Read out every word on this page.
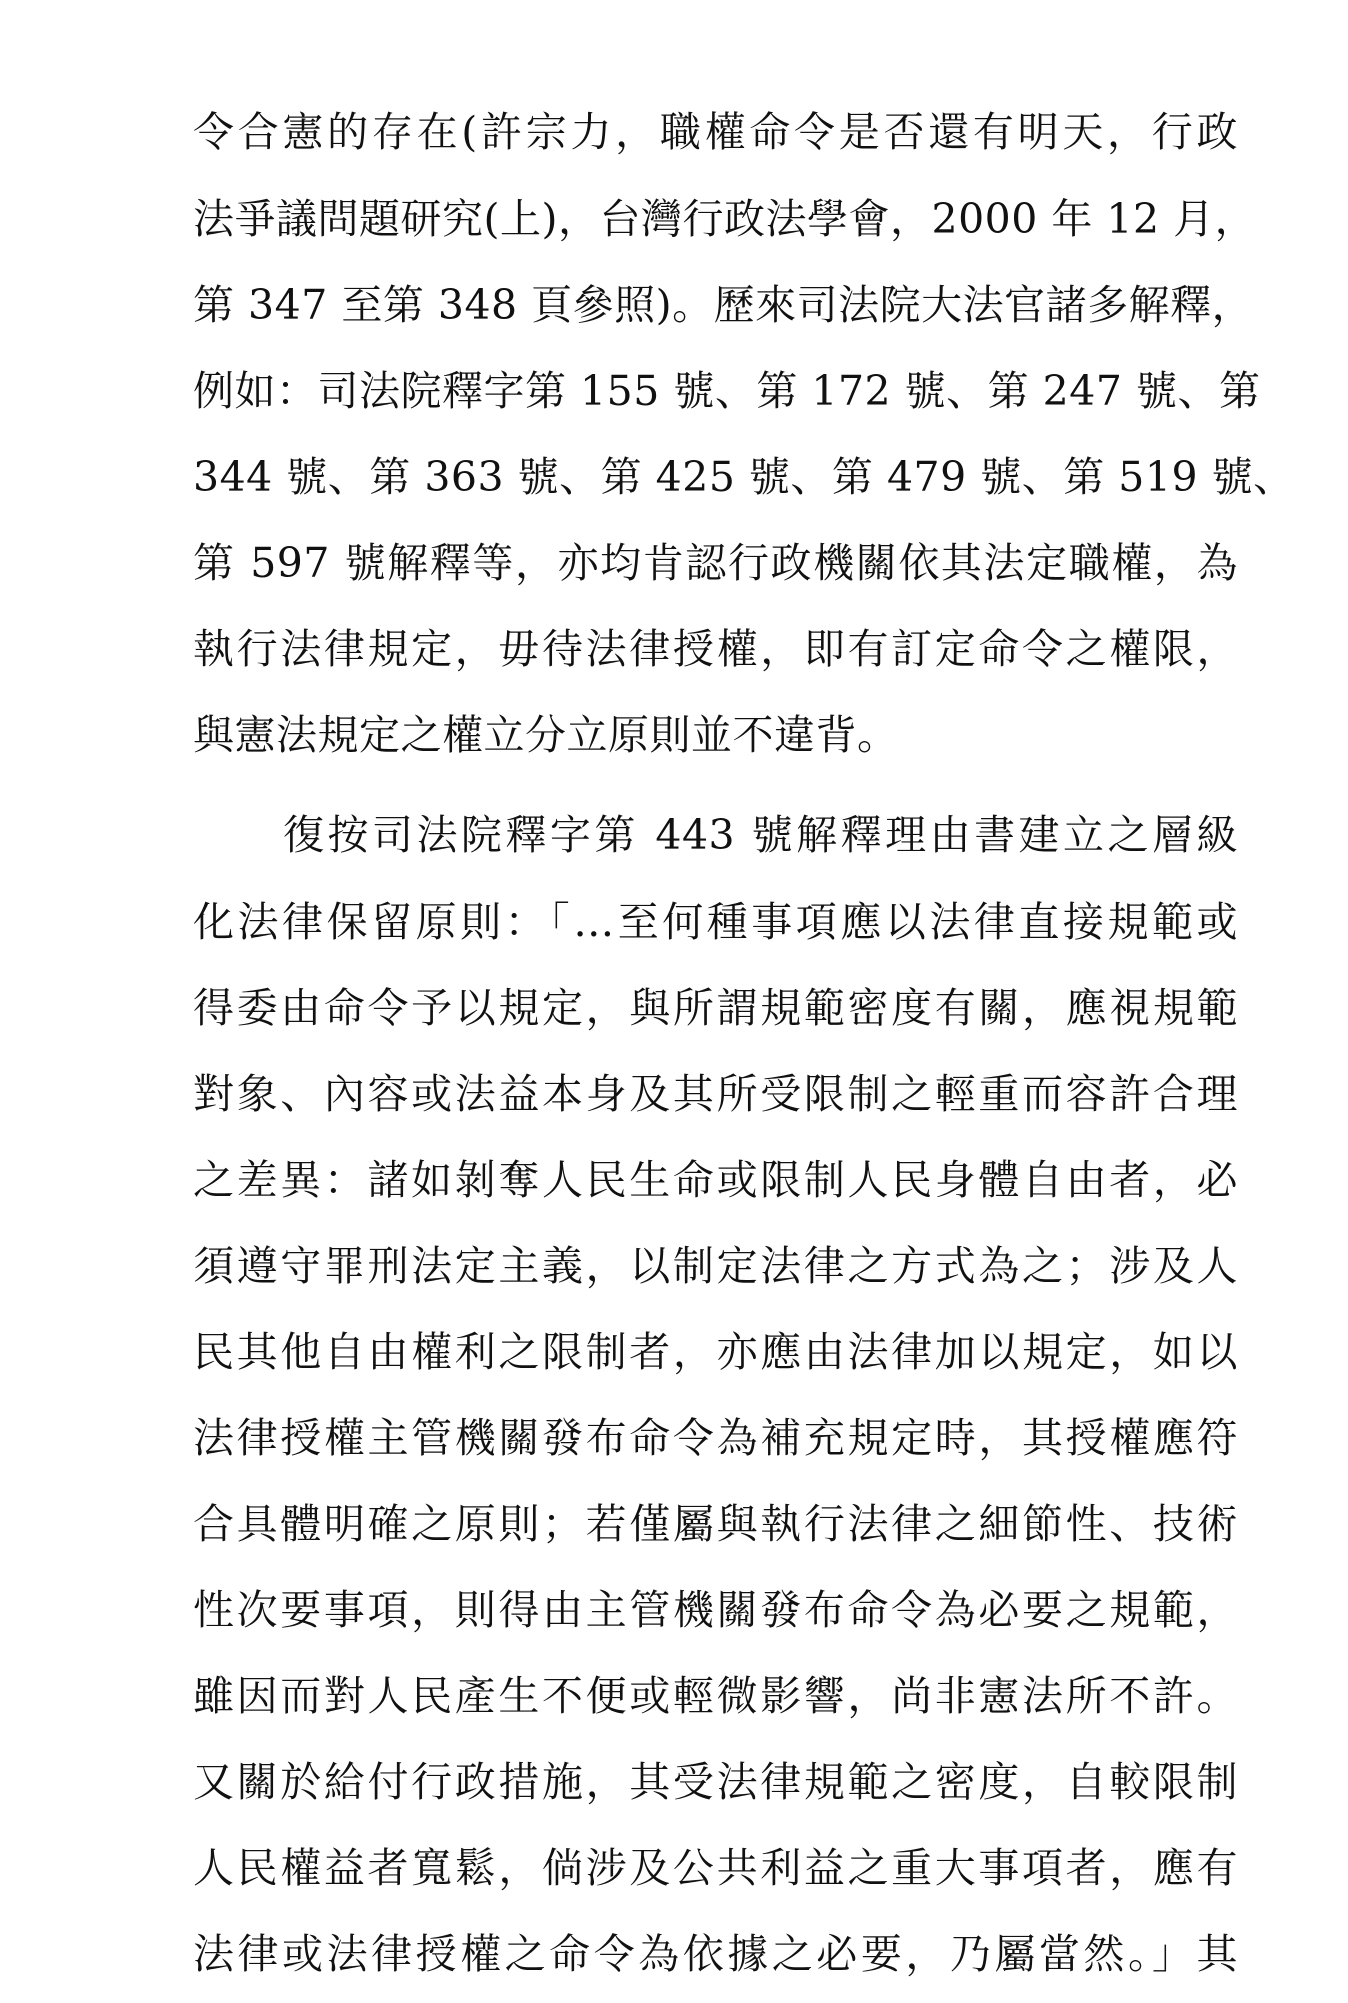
令合憲的存在(許宗力，職權命令是否還有明天，行政
法爭議問題研究(上)，台灣行政法學會，2000 年 12 月，
第 347 至第 348 頁參照)。歷來司法院大法官諸多解釋，
例如：司法院釋字第 155 號、第 172 號、第 247 號、第
344 號、第 363 號、第 425 號、第 479 號、第 519 號、
第 597 號解釋等，亦均肯認行政機關依其法定職權，為
執行法律規定，毋待法律授權，即有訂定命令之權限，
與憲法規定之權立分立原則並不違背。
復按司法院釋字第 443 號解釋理由書建立之層級
化法律保留原則：「…至何種事項應以法律直接規範或
得委由命令予以規定，與所謂規範密度有關，應視規範
對象、內容或法益本身及其所受限制之輕重而容許合理
之差異：諸如剝奪人民生命或限制人民身體自由者，必
須遵守罪刑法定主義，以制定法律之方式為之；涉及人
民其他自由權利之限制者，亦應由法律加以規定，如以
法律授權主管機關發布命令為補充規定時，其授權應符
合具體明確之原則；若僅屬與執行法律之細節性、技術
性次要事項，則得由主管機關發布命令為必要之規範，
雖因而對人民產生不便或輕微影響，尚非憲法所不許。
又關於給付行政措施，其受法律規範之密度，自較限制
人民權益者寬鬆，倘涉及公共利益之重大事項者，應有
法律或法律授權之命令為依據之必要，乃屬當然。」其
